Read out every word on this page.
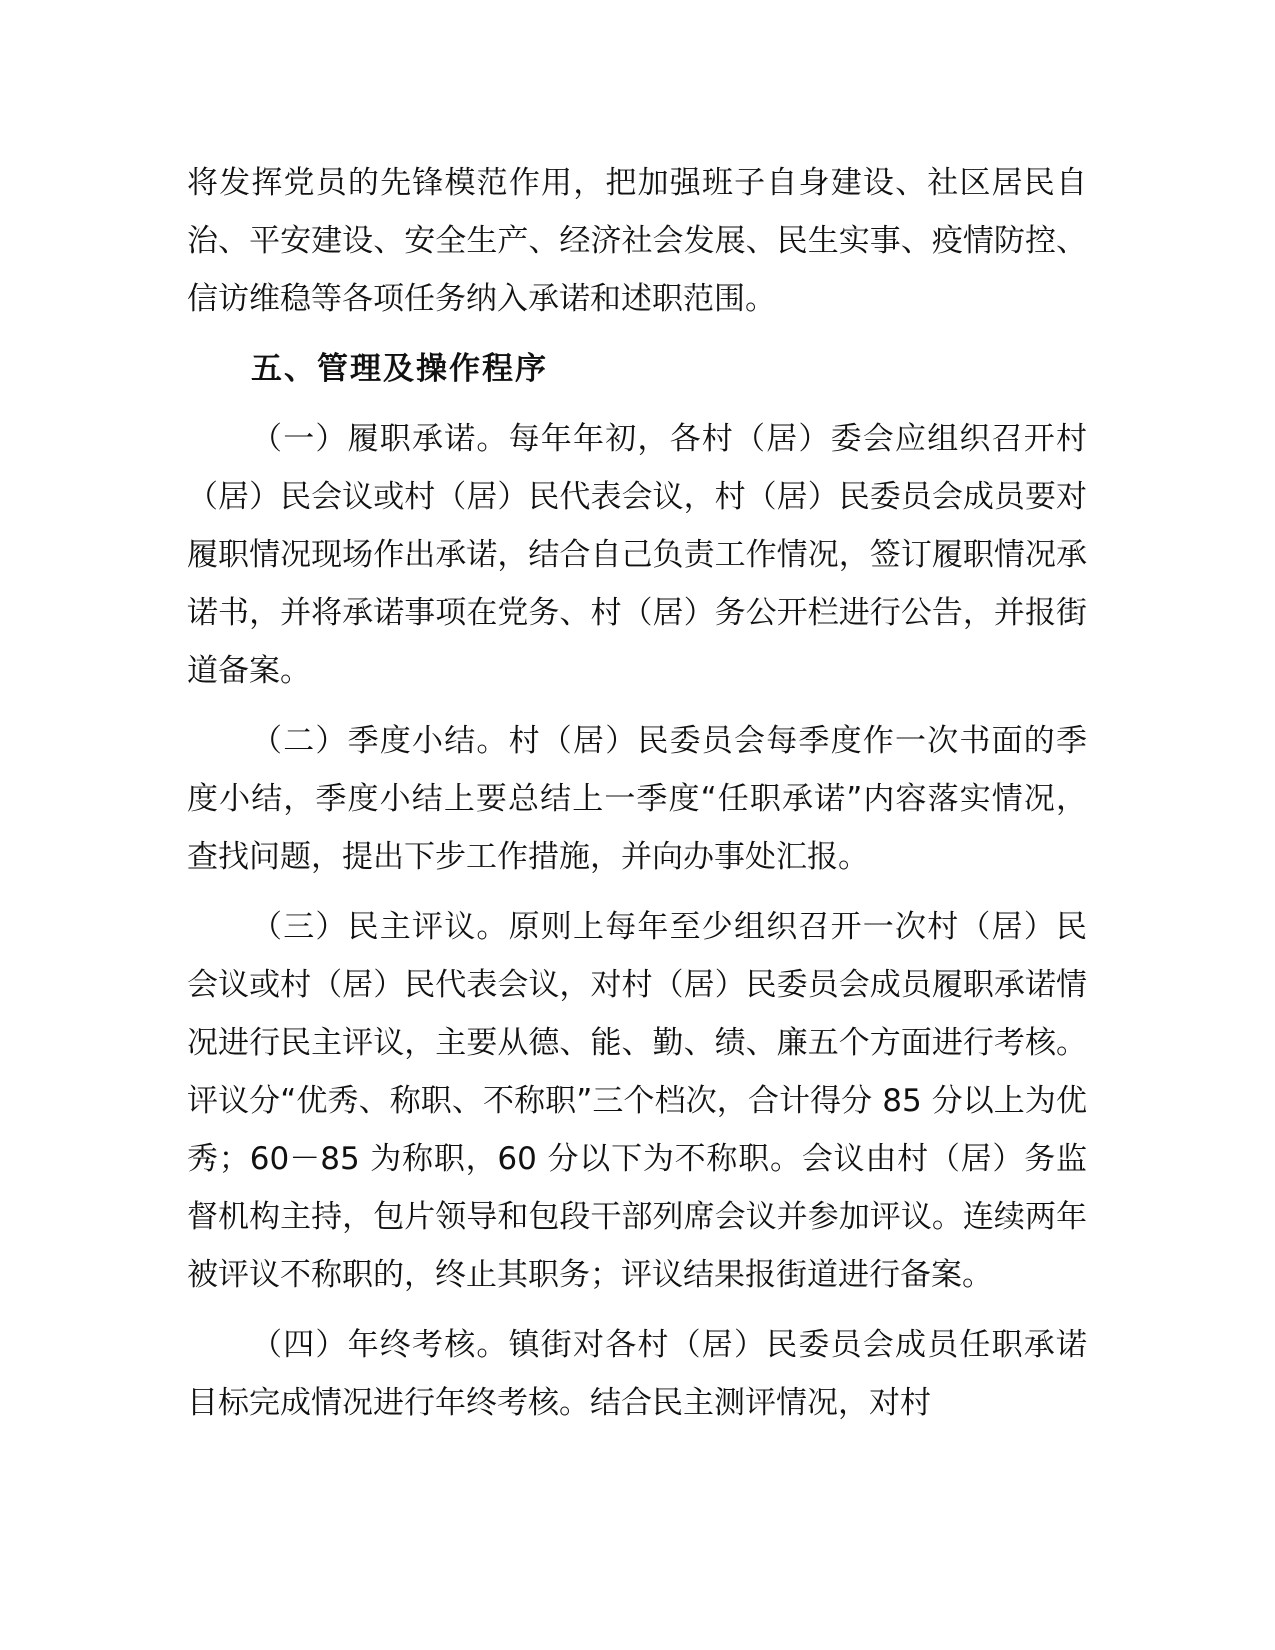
将发挥党员的先锋模范作用，把加强班子自身建设、社区居民自治、平安建设、安全生产、经济社会发展、民生实事、疫情防控、信访维稳等各项任务纳入承诺和述职范围。

五、管理及操作程序

（一）履职承诺。每年年初，各村（居）委会应组织召开村（居）民会议或村（居）民代表会议，村（居）民委员会成员要对履职情况现场作出承诺，结合自己负责工作情况，签订履职情况承诺书，并将承诺事项在党务、村（居）务公开栏进行公告，并报街道备案。

（二）季度小结。村（居）民委员会每季度作一次书面的季度小结，季度小结上要总结上一季度“任职承诺”内容落实情况，查找问题，提出下步工作措施，并向办事处汇报。

（三）民主评议。原则上每年至少组织召开一次村（居）民会议或村（居）民代表会议，对村（居）民委员会成员履职承诺情况进行民主评议，主要从德、能、勤、绩、廉五个方面进行考核。评议分“优秀、称职、不称职”三个档次，合计得分 85 分以上为优秀；60－85 为称职，60 分以下为不称职。会议由村（居）务监督机构主持，包片领导和包段干部列席会议并参加评议。连续两年被评议不称职的，终止其职务；评议结果报街道进行备案。

（四）年终考核。镇街对各村（居）民委员会成员任职承诺目标完成情况进行年终考核。结合民主测评情况，对村
